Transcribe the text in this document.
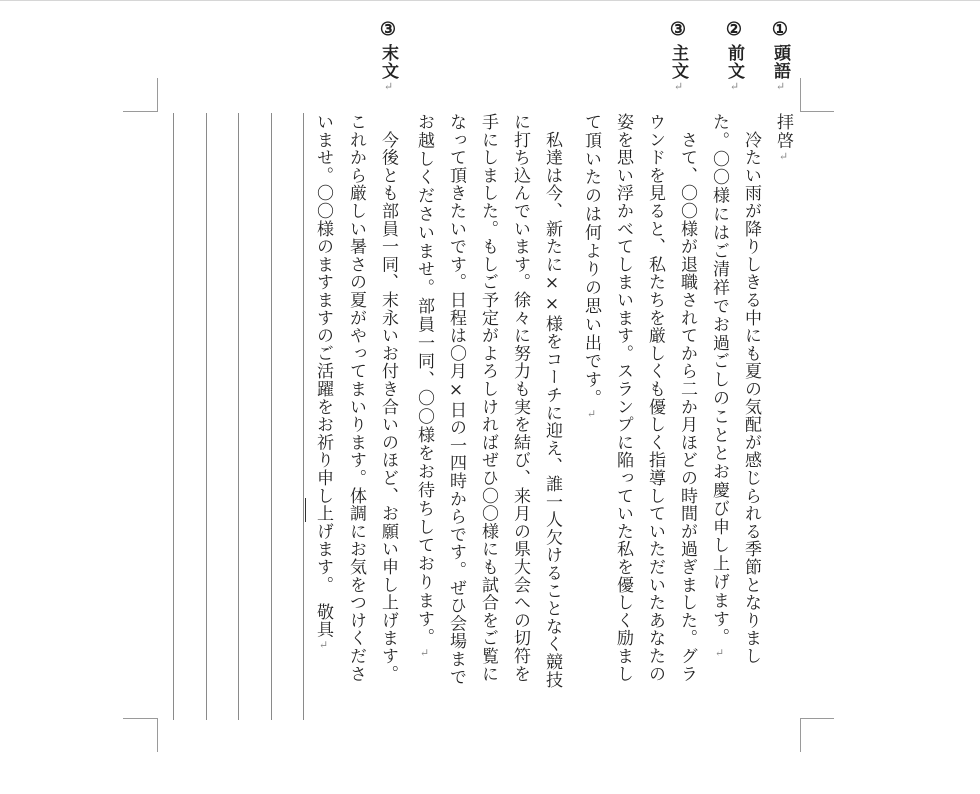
①
頭語↵
②
前文↵
③
主文↵
③
末文↵
拝啓↵
　冷たい雨が降りしきる中にも夏の気配が感じられる季節となりまし
た。〇〇様にはご清祥でお過ごしのこととお慶び申し上げます。↵
　さて、〇〇様が退職されてから二か月ほどの時間が過ぎました。グラ
ウンドを見ると、私たちを厳しくも優しく指導していただいたあなたの
姿を思い浮かべてしまいます。スランプに陥っていた私を優しく励まし
て頂いたのは何よりの思い出です。↵
　私達は今、新たに××様をコーチに迎え、誰一人欠けることなく競技
に打ち込んでいます。徐々に努力も実を結び、来月の県大会への切符を
手にしました。もしご予定がよろしければぜひ〇〇様にも試合をご覧に
なって頂きたいです。日程は〇月×日の一四時からです。ぜひ会場まで
お越しくださいませ。部員一同、〇〇様をお待ちしております。↵
　今後とも部員一同、末永いお付き合いのほど、お願い申し上げます。
これから厳しい暑さの夏がやってまいります。体調にお気をつけくださ
いませ。〇〇様のますますのご活躍をお祈り申し上げます。　敬具↵
